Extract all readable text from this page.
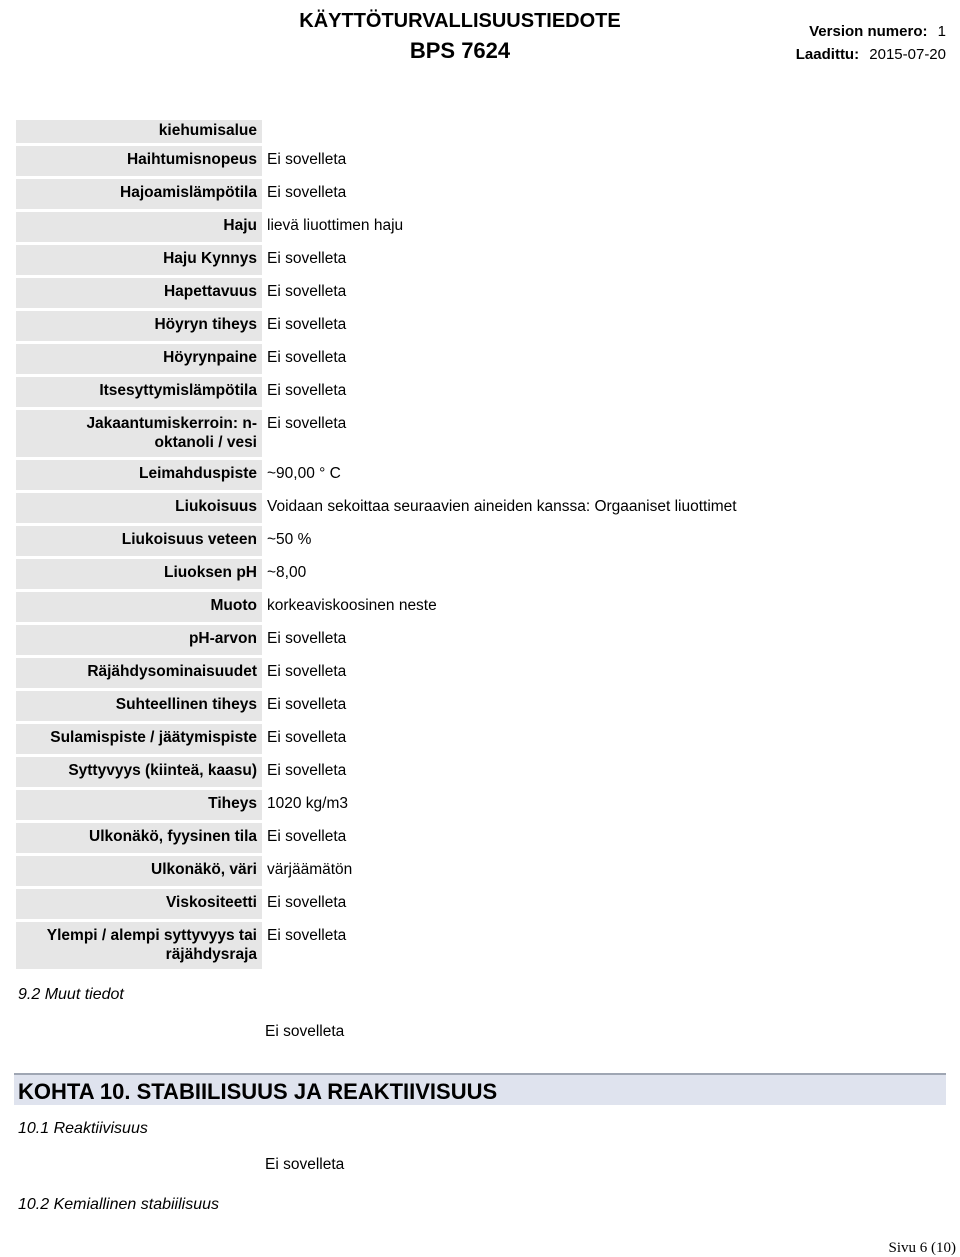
KÄYTTÖTURVALLISUUSTIEDOTE
BPS 7624
Version numero: 1
Laadittu: 2015-07-20
kiehumisalue
Haihtumisnopeus Ei sovelleta
Hajoamislämpötila Ei sovelleta
Haju lievä liuottimen haju
Haju Kynnys Ei sovelleta
Hapettavuus Ei sovelleta
Höyryn tiheys Ei sovelleta
Höyrynpaine Ei sovelleta
Itsesyttymislämpötila Ei sovelleta
Jakaantumiskerroin: n-oktanoli / vesi
Ei sovelleta
Leimahduspiste ~90,00 ° C
Liukoisuus Voidaan sekoittaa seuraavien aineiden kanssa: Orgaaniset liuottimet
Liukoisuus veteen ~50 %
Liuoksen pH ~8,00
Muoto korkeaviskoosinen neste
pH-arvon Ei sovelleta
Räjähdysominaisuudet Ei sovelleta
Suhteellinen tiheys Ei sovelleta
Sulamispiste / jäätymispiste Ei sovelleta
Syttyvyys (kiinteä, kaasu) Ei sovelleta
Tiheys 1020 kg/m3
Ulkonäkö, fyysinen tila Ei sovelleta
Ulkonäkö, väri värjäämätön
Viskositeetti Ei sovelleta
Ylempi / alempi syttyvyys tai räjähdysraja
Ei sovelleta
9.2 Muut tiedot
Ei sovelleta
KOHTA 10. STABIILISUUS JA REAKTIIVISUUS
10.1 Reaktiivisuus
Ei sovelleta
10.2 Kemiallinen stabiilisuus
Sivu 6 (10)
